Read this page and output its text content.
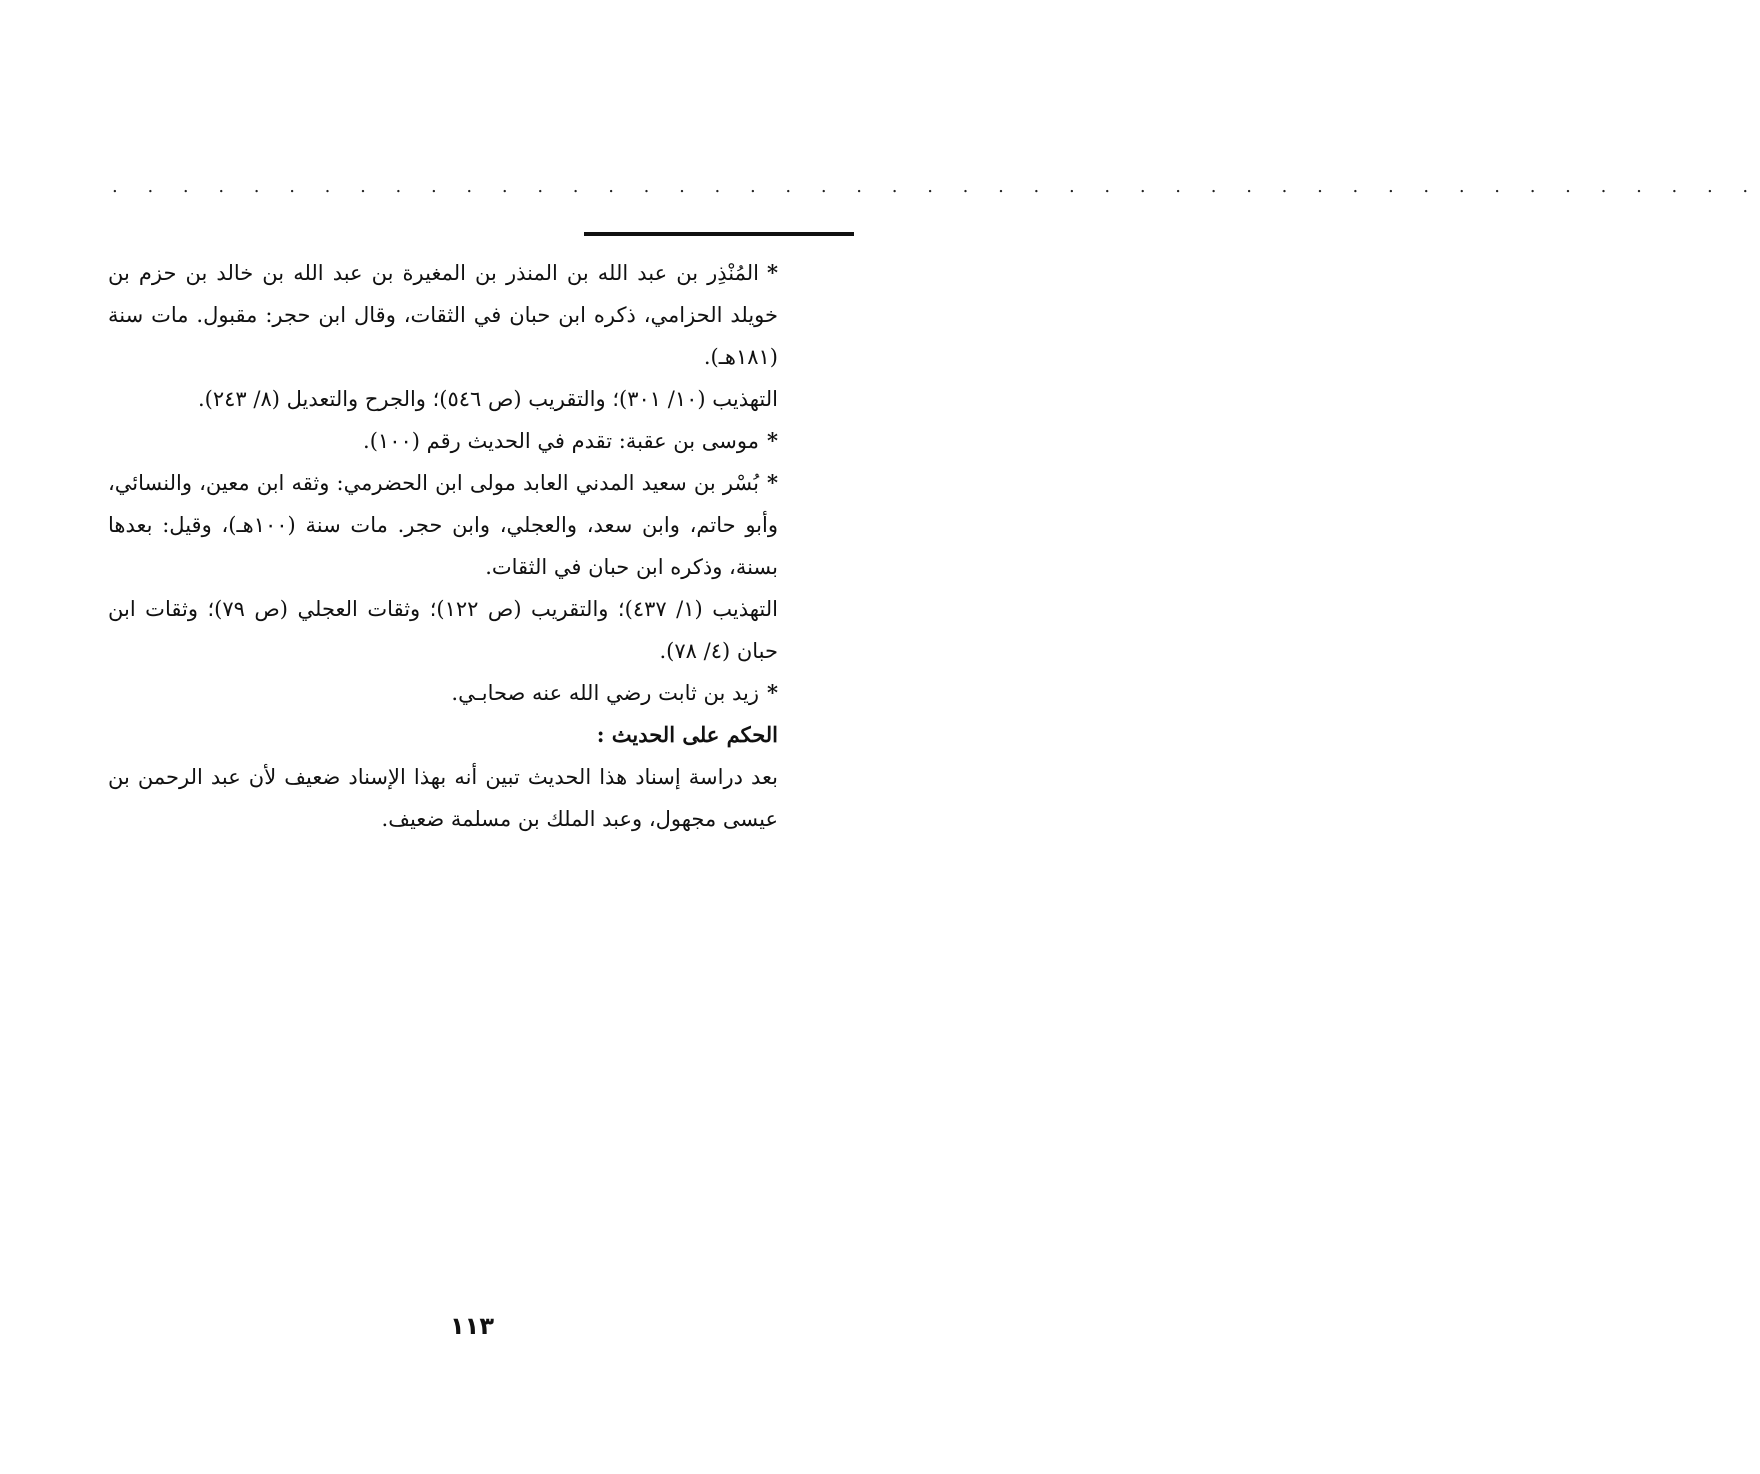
. . . . . . . . . . . . . . . . . . . . . . . . . . . . . . . . . . . . . . . . . . . . . . .

*المُنْذِر بن عبد الله بن المنذر بن المغيرة بن عبد الله بن خالد بن حزم بن خويلد الحزامي، ذكره ابن حبان في الثقات، وقال ابن حجر: مقبول. مات سنة (١٨١هـ).

التهذيب (١٠/ ٣٠١)؛ والتقريب (ص ٥٤٦)؛ والجرح والتعديل (٨/ ٢٤٣).

*موسى بن عقبة: تقدم في الحديث رقم (١٠٠).

*بُسْر بن سعيد المدني العابد مولى ابن الحضرمي: وثقه ابن معين، والنسائي، وأبو حاتم، وابن سعد، والعجلي، وابن حجر. مات سنة (١٠٠هـ)، وقيل: بعدها بسنة، وذكره ابن حبان في الثقات.

التهذيب (١/ ٤٣٧)؛ والتقريب (ص ١٢٢)؛ وثقات العجلي (ص ٧٩)؛ وثقات ابن حبان (٤/ ٧٨).

*زيد بن ثابت رضي الله عنه صحابـي.

الحكم على الحديث :

بعد دراسة إسناد هذا الحديث تبين أنه بهذا الإسناد ضعيف لأن عبد الرحمن بن عيسى مجهول، وعبد الملك بن مسلمة ضعيف.

١١٣
